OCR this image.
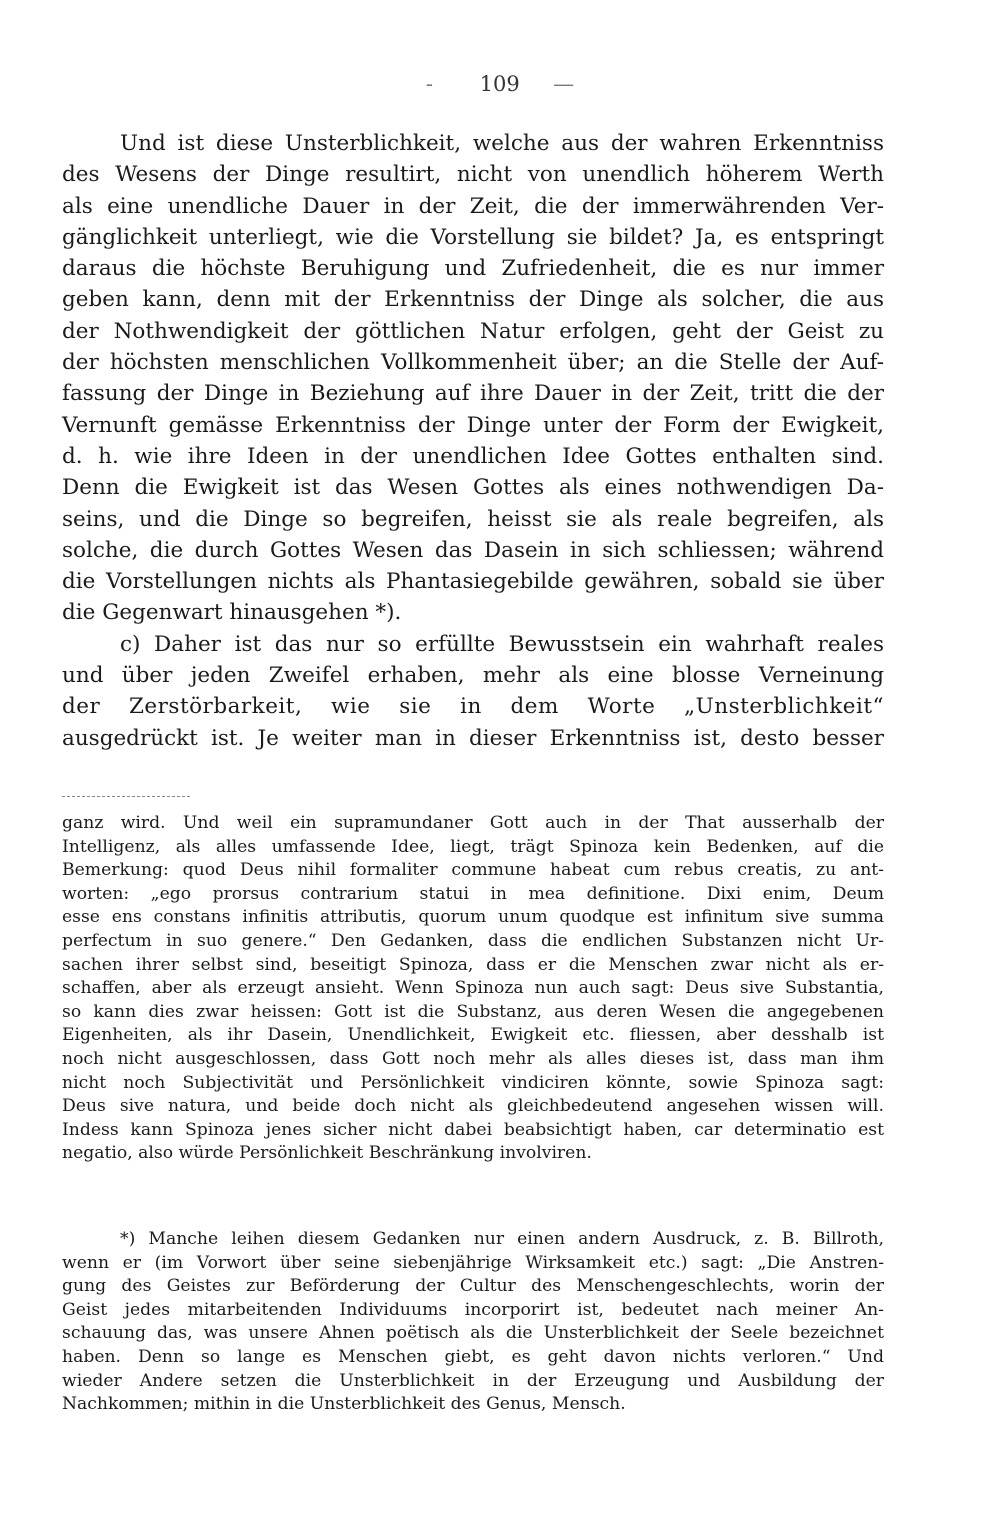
- 109 —
Und ist diese Unsterblichkeit, welche aus der wahren Erkenntniss
des Wesens der Dinge resultirt, nicht von unendlich höherem Werth
als eine unendliche Dauer in der Zeit, die der immerwährenden Ver-
gänglichkeit unterliegt, wie die Vorstellung sie bildet? Ja, es entspringt
daraus die höchste Beruhigung und Zufriedenheit, die es nur immer
geben kann, denn mit der Erkenntniss der Dinge als solcher, die aus
der Nothwendigkeit der göttlichen Natur erfolgen, geht der Geist zu
der höchsten menschlichen Vollkommenheit über; an die Stelle der Auf-
fassung der Dinge in Beziehung auf ihre Dauer in der Zeit, tritt die der
Vernunft gemässe Erkenntniss der Dinge unter der Form der Ewigkeit,
d. h. wie ihre Ideen in der unendlichen Idee Gottes enthalten sind.
Denn die Ewigkeit ist das Wesen Gottes als eines nothwendigen Da-
seins, und die Dinge so begreifen, heisst sie als reale begreifen, als
solche, die durch Gottes Wesen das Dasein in sich schliessen; während
die Vorstellungen nichts als Phantasiegebilde gewähren, sobald sie über
die Gegenwart hinausgehen *).
c) Daher ist das nur so erfüllte Bewusstsein ein wahrhaft reales
und über jeden Zweifel erhaben, mehr als eine blosse Verneinung
der Zerstörbarkeit, wie sie in dem Worte „Unsterblichkeit“
ausgedrückt ist. Je weiter man in dieser Erkenntniss ist, desto besser
ganz wird. Und weil ein supramundaner Gott auch in der That ausserhalb der
Intelligenz, als alles umfassende Idee, liegt, trägt Spinoza kein Bedenken, auf die
Bemerkung: quod Deus nihil formaliter commune habeat cum rebus creatis, zu ant-
worten: „ego prorsus contrarium statui in mea definitione. Dixi enim, Deum
esse ens constans infinitis attributis, quorum unum quodque est infinitum sive summa
perfectum in suo genere.“ Den Gedanken, dass die endlichen Substanzen nicht Ur-
sachen ihrer selbst sind, beseitigt Spinoza, dass er die Menschen zwar nicht als er-
schaffen, aber als erzeugt ansieht. Wenn Spinoza nun auch sagt: Deus sive Substantia,
so kann dies zwar heissen: Gott ist die Substanz, aus deren Wesen die angegebenen
Eigenheiten, als ihr Dasein, Unendlichkeit, Ewigkeit etc. fliessen, aber desshalb ist
noch nicht ausgeschlossen, dass Gott noch mehr als alles dieses ist, dass man ihm
nicht noch Subjectivität und Persönlichkeit vindiciren könnte, sowie Spinoza sagt:
Deus sive natura, und beide doch nicht als gleichbedeutend angesehen wissen will.
Indess kann Spinoza jenes sicher nicht dabei beabsichtigt haben, car determinatio est
negatio, also würde Persönlichkeit Beschränkung involviren.
*) Manche leihen diesem Gedanken nur einen andern Ausdruck, z. B. Billroth,
wenn er (im Vorwort über seine siebenjährige Wirksamkeit etc.) sagt: „Die Anstren-
gung des Geistes zur Beförderung der Cultur des Menschengeschlechts, worin der
Geist jedes mitarbeitenden Individuums incorporirt ist, bedeutet nach meiner An-
schauung das, was unsere Ahnen poëtisch als die Unsterblichkeit der Seele bezeichnet
haben. Denn so lange es Menschen giebt, es geht davon nichts verloren.“ Und
wieder Andere setzen die Unsterblichkeit in der Erzeugung und Ausbildung der
Nachkommen; mithin in die Unsterblichkeit des Genus, Mensch.
